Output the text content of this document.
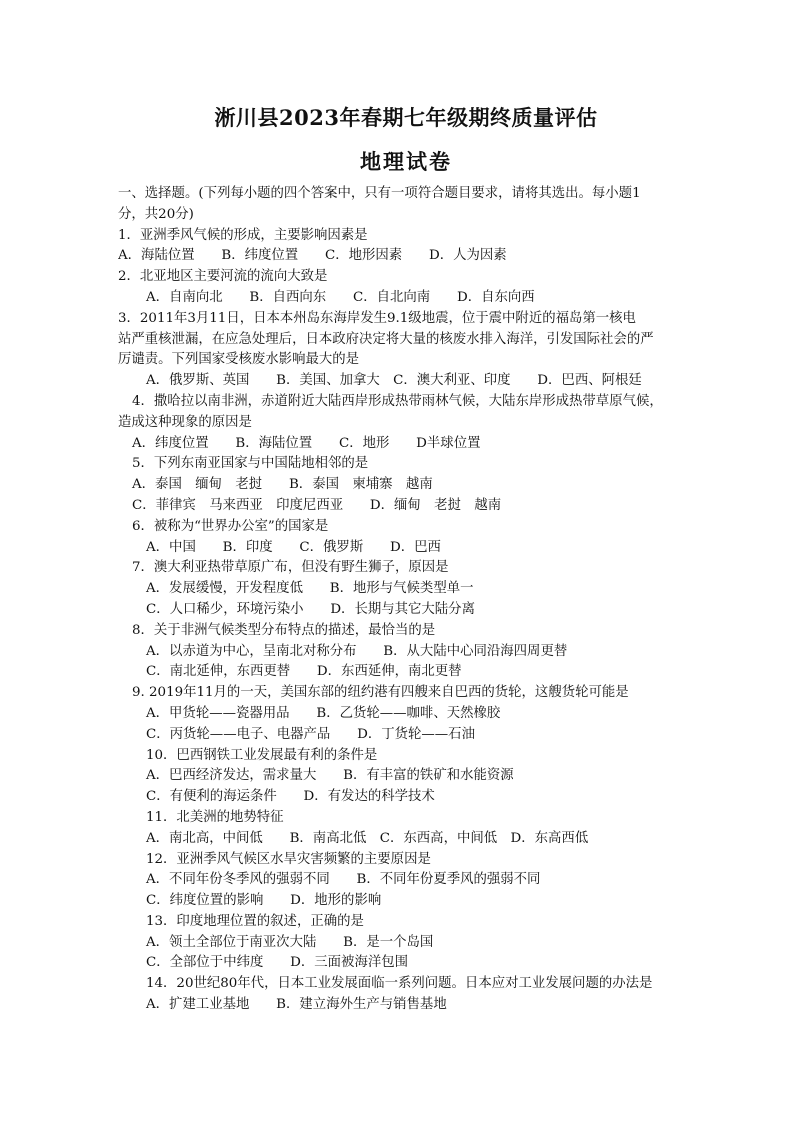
淅川县2023年春期七年级期终质量评估
地理试卷
一、选择题。(下列每小题的四个答案中，只有一项符合题目要求，请将其选出。每小题1
分，共20分)
1．亚洲季风气候的形成，主要影响因素是
A．海陆位置　　B．纬度位置　　C．地形因素　　D．人为因素
2．北亚地区主要河流的流向大致是
A．自南向北　　B．自西向东　　C．自北向南　　D．自东向西
3．2011年3月11日，日本本州岛东海岸发生9.1级地震，位于震中附近的福岛第一核电
站严重核泄漏，在应急处理后，日本政府决定将大量的核废水排入海洋，引发国际社会的严
厉谴责。下列国家受核废水影响最大的是
A．俄罗斯、英国　　B．美国、加拿大　C．澳大利亚、印度　　D．巴西、阿根廷
4．撒哈拉以南非洲，赤道附近大陆西岸形成热带雨林气候，大陆东岸形成热带草原气候，
造成这种现象的原因是
A．纬度位置　　B．海陆位置　　C．地形　　D半球位置
5．下列东南亚国家与中国陆地相邻的是
A．泰国　缅甸　老挝　　B．泰国　柬埔寨　越南
C．菲律宾　马来西亚　印度尼西亚　　D．缅甸　老挝　越南
6．被称为“世界办公室”的国家是
A．中国　　B．印度　　C．俄罗斯　　D．巴西
7．澳大利亚热带草原广布，但没有野生狮子，原因是
A．发展缓慢，开发程度低　　B．地形与气候类型单一
C．人口稀少，环境污染小　　D．长期与其它大陆分离
8．关于非洲气候类型分布特点的描述，最恰当的是
A．以赤道为中心，呈南北对称分布　　B．从大陆中心同沿海四周更替
C．南北延伸，东西更替　　D．东西延伸，南北更替
9. 2019年11月的一天，美国东部的纽约港有四艘来自巴西的货轮，这艘货轮可能是
A．甲货轮——瓷器用品　　B．乙货轮——咖啡、天然橡胶
C．丙货轮——电子、电器产品　　D．丁货轮——石油
10．巴西钢铁工业发展最有利的条件是
A．巴西经济发达，需求量大　　B．有丰富的铁矿和水能资源
C．有便利的海运条件　　D．有发达的科学技术
11．北美洲的地势特征
A．南北高，中间低　　B．南高北低　C．东西高，中间低　D．东高西低
12．亚洲季风气候区水旱灾害频繁的主要原因是
A．不同年份冬季风的强弱不同　　B．不同年份夏季风的强弱不同
C．纬度位置的影响　　D．地形的影响
13．印度地理位置的叙述，正确的是
A．领土全部位于南亚次大陆　　B．是一个岛国
C．全部位于中纬度　　D．三面被海洋包围
14．20世纪80年代，日本工业发展面临一系列问题。日本应对工业发展问题的办法是
A．扩建工业基地　　B．建立海外生产与销售基地
